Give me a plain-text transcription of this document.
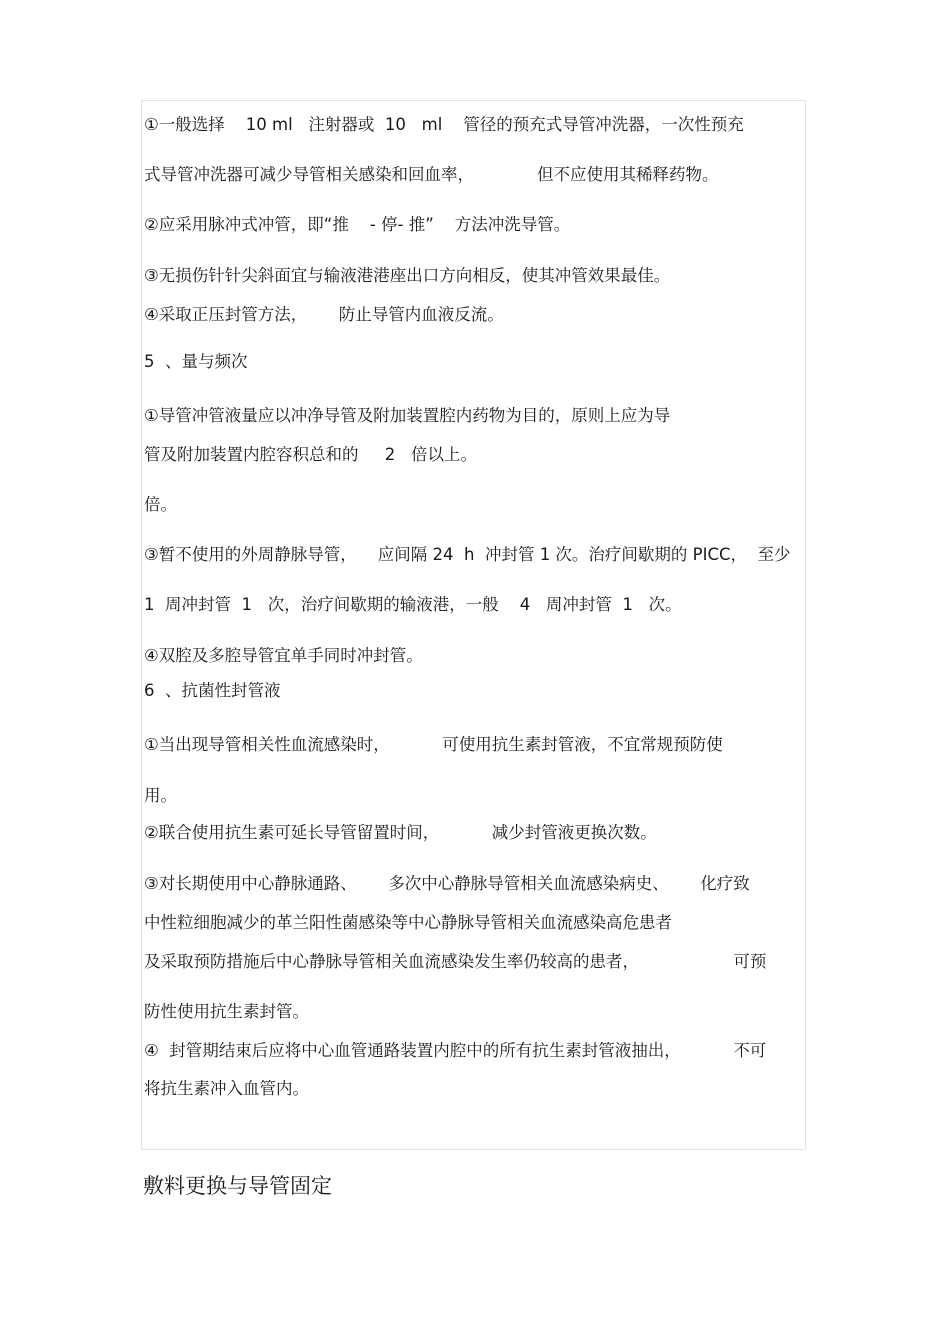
①一般选择    10 ml   注射器或  10   ml    管径的预充式导管冲洗器，一次性预充
式导管冲洗器可减少导管相关感染和回血率，            但不应使用其稀释药物。
②应采用脉冲式冲管，即“推    - 停- 推”    方法冲洗导管。
③无损伤针针尖斜面宜与输液港港座出口方向相反，使其冲管效果最佳。
④采取正压封管方法，      防止导管内血液反流。
5  、量与频次
①导管冲管液量应以冲净导管及附加装置腔内药物为目的，原则上应为导
管及附加装置内腔容积总和的     2   倍以上。
倍。
③暂不使用的外周静脉导管，    应间隔 24  h  冲封管 1 次。治疗间歇期的 PICC，  至少
1  周冲封管  1   次，治疗间歇期的输液港，一般    4   周冲封管  1   次。
④双腔及多腔导管宜单手同时冲封管。
6  、抗菌性封管液
①当出现导管相关性血流感染时，          可使用抗生素封管液，不宜常规预防使
用。
②联合使用抗生素可延长导管留置时间，          减少封管液更换次数。
③对长期使用中心静脉通路、      多次中心静脉导管相关血流感染病史、      化疗致
中性粒细胞减少的革兰阳性菌感染等中心静脉导管相关血流感染高危患者
及采取预防措施后中心静脉导管相关血流感染发生率仍较高的患者，                  可预
防性使用抗生素封管。
④  封管期结束后应将中心血管通路装置内腔中的所有抗生素封管液抽出，          不可
将抗生素冲入血管内。
敷料更换与导管固定
